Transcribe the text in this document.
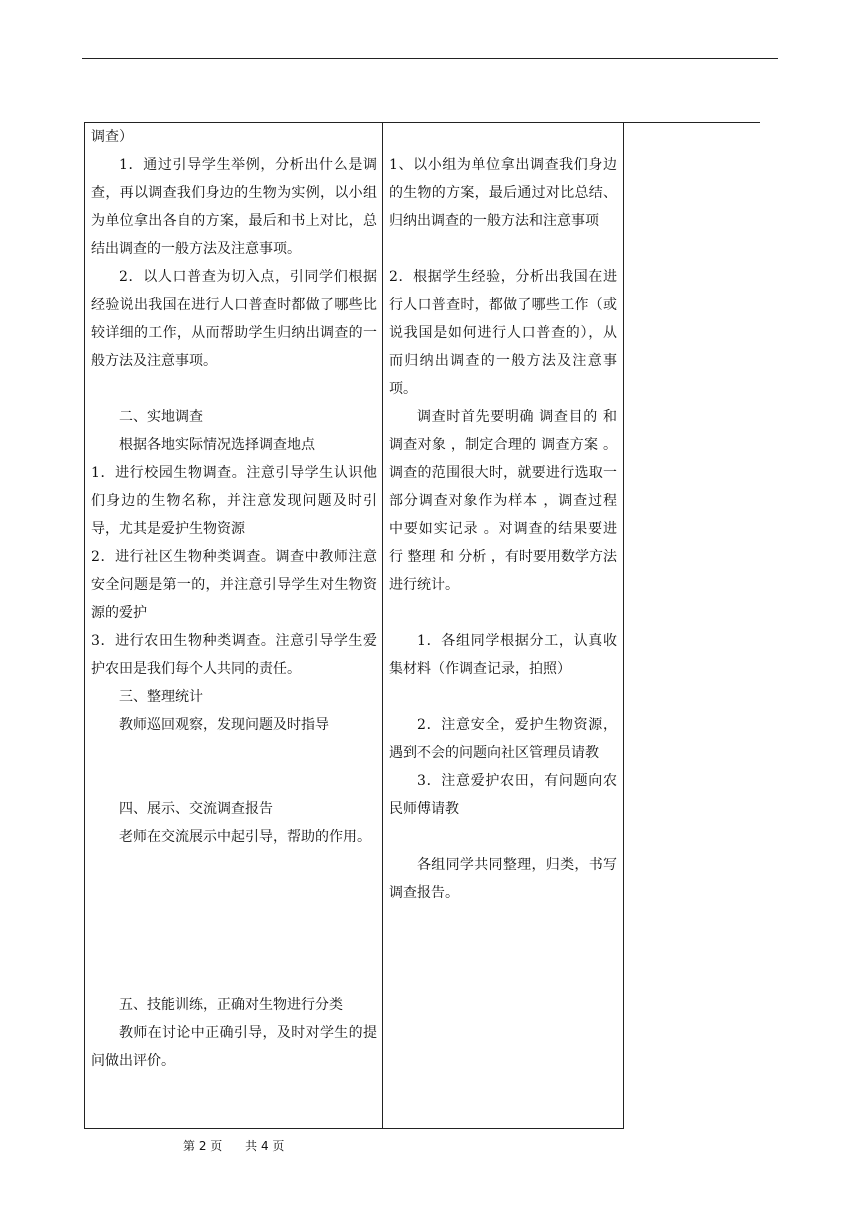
调查）

1．通过引导学生举例，分析出什么是调查，再以调查我们身边的生物为实例，以小组为单位拿出各自的方案，最后和书上对比，总结出调查的一般方法及注意事项。

2．以人口普查为切入点，引同学们根据经验说出我国在进行人口普查时都做了哪些比较详细的工作，从而帮助学生归纳出调查的一般方法及注意事项。

二、实地调查

根据各地实际情况选择调查地点

1．进行校园生物调查。注意引导学生认识他们身边的生物名称，并注意发现问题及时引导，尤其是爱护生物资源

2．进行社区生物种类调查。调查中教师注意安全问题是第一的，并注意引导学生对生物资源的爱护

3．进行农田生物种类调查。注意引导学生爱护农田是我们每个人共同的责任。

三、整理统计

教师巡回观察，发现问题及时指导

四、展示、交流调查报告

老师在交流展示中起引导，帮助的作用。

五、技能训练，正确对生物进行分类

教师在讨论中正确引导，及时对学生的提问做出评价。

1、以小组为单位拿出调查我们身边的生物的方案，最后通过对比总结、归纳出调查的一般方法和注意事项

2．根据学生经验，分析出我国在进行人口普查时，都做了哪些工作（或说我国是如何进行人口普查的），从而归纳出调查的一般方法及注意事项。

调查时首先要明确 调查目的 和 调查对象 ，制定合理的 调查方案 。调查的范围很大时，就要进行选取一部分调查对象作为样本 ，调查过程中要如实记录 。对调查的结果要进行 整理 和 分析 ，有时要用数学方法进行统计。

1．各组同学根据分工，认真收集材料（作调查记录，拍照）

2．注意安全，爱护生物资源，遇到不会的问题向社区管理员请教

3．注意爱护农田，有问题向农民师傅请教

各组同学共同整理，归类，书写调查报告。

第 2 页 共 4 页
